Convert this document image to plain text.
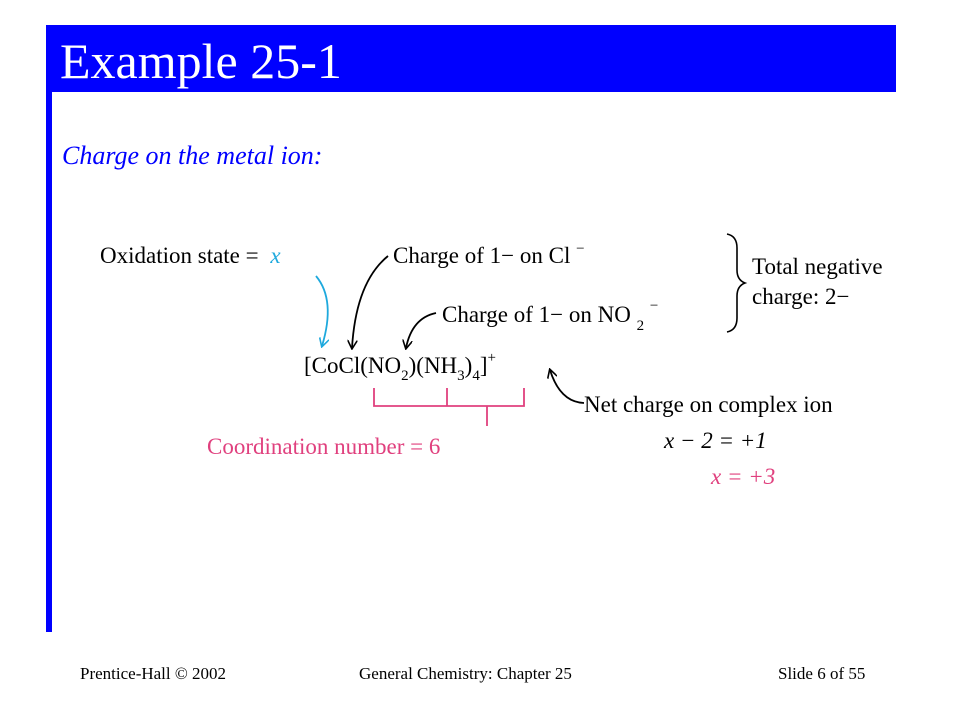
Example 25-1
Charge on the metal ion:
Oxidation state = x	Charge of 1− on Cl −
Charge of 1− on NO $_2$ −
Total negative
charge: 2−
$[CoCl(NO_2)(NH_3)_4]^+$
Net charge on complex ion
x − 2 = +1
x = +3
Coordination number = 6
Prentice-Hall © 2002	General Chemistry: Chapter 25	Slide 6 of 55
